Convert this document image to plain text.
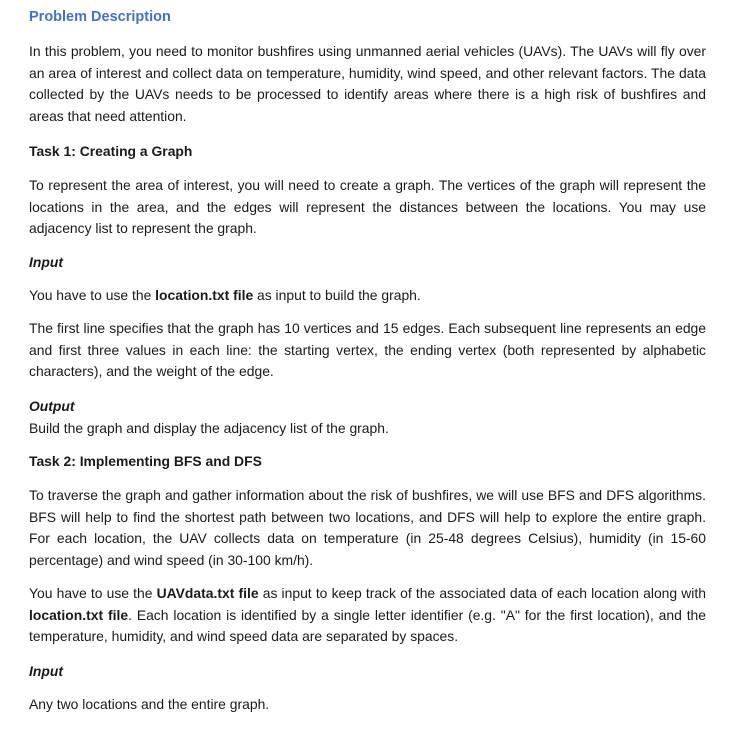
Problem Description

In this problem, you need to monitor bushfires using unmanned aerial vehicles (UAVs). The UAVs will fly over an area of interest and collect data on temperature, humidity, wind speed, and other relevant factors. The data collected by the UAVs needs to be processed to identify areas where there is a high risk of bushfires and areas that need attention.

Task 1: Creating a Graph

To represent the area of interest, you will need to create a graph. The vertices of the graph will represent the locations in the area, and the edges will represent the distances between the locations. You may use adjacency list to represent the graph.

Input

You have to use the location.txt file as input to build the graph.

The first line specifies that the graph has 10 vertices and 15 edges. Each subsequent line represents an edge and first three values in each line: the starting vertex, the ending vertex (both represented by alphabetic characters), and the weight of the edge.

Output

Build the graph and display the adjacency list of the graph.

Task 2: Implementing BFS and DFS

To traverse the graph and gather information about the risk of bushfires, we will use BFS and DFS algorithms. BFS will help to find the shortest path between two locations, and DFS will help to explore the entire graph. For each location, the UAV collects data on temperature (in 25-48 degrees Celsius), humidity (in 15-60 percentage) and wind speed (in 30-100 km/h).

You have to use the UAVdata.txt file as input to keep track of the associated data of each location along with location.txt file. Each location is identified by a single letter identifier (e.g. "A" for the first location), and the temperature, humidity, and wind speed data are separated by spaces.

Input

Any two locations and the entire graph.
